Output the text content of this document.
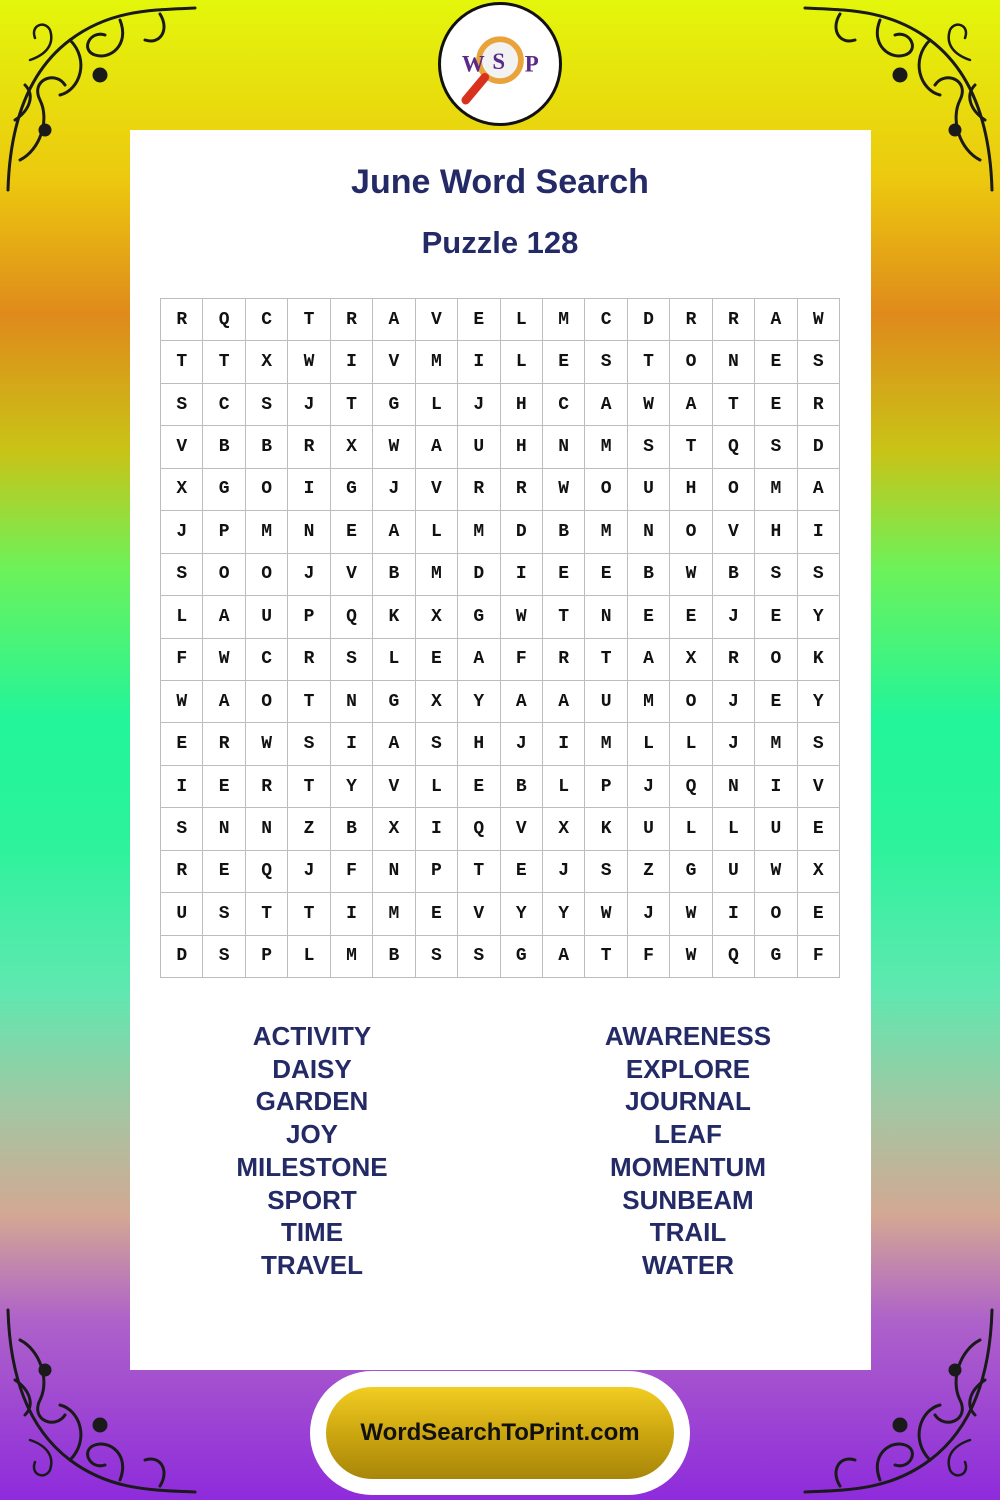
W S P
June Word Search
Puzzle 128
R	Q	C	T	R	A	V	E	L	M	C	D	R	R	A	W
T	T	X	W	I	V	M	I	L	E	S	T	O	N	E	S
S	C	S	J	T	G	L	J	H	C	A	W	A	T	E	R
V	B	B	R	X	W	A	U	H	N	M	S	T	Q	S	D
X	G	O	I	G	J	V	R	R	W	O	U	H	O	M	A
J	P	M	N	E	A	L	M	D	B	M	N	O	V	H	I
S	O	O	J	V	B	M	D	I	E	E	B	W	B	S	S
L	A	U	P	Q	K	X	G	W	T	N	E	E	J	E	Y
F	W	C	R	S	L	E	A	F	R	T	A	X	R	O	K
W	A	O	T	N	G	X	Y	A	A	U	M	O	J	E	Y
E	R	W	S	I	A	S	H	J	I	M	L	L	J	M	S
I	E	R	T	Y	V	L	E	B	L	P	J	Q	N	I	V
S	N	N	Z	B	X	I	Q	V	X	K	U	L	L	U	E
R	E	Q	J	F	N	P	T	E	J	S	Z	G	U	W	X
U	S	T	T	I	M	E	V	Y	Y	W	J	W	I	O	E
D	S	P	L	M	B	S	S	G	A	T	F	W	Q	G	F
ACTIVITY
DAISY
GARDEN
JOY
MILESTONE
SPORT
TIME
TRAVEL
AWARENESS
EXPLORE
JOURNAL
LEAF
MOMENTUM
SUNBEAM
TRAIL
WATER
WordSearchToPrint.com
